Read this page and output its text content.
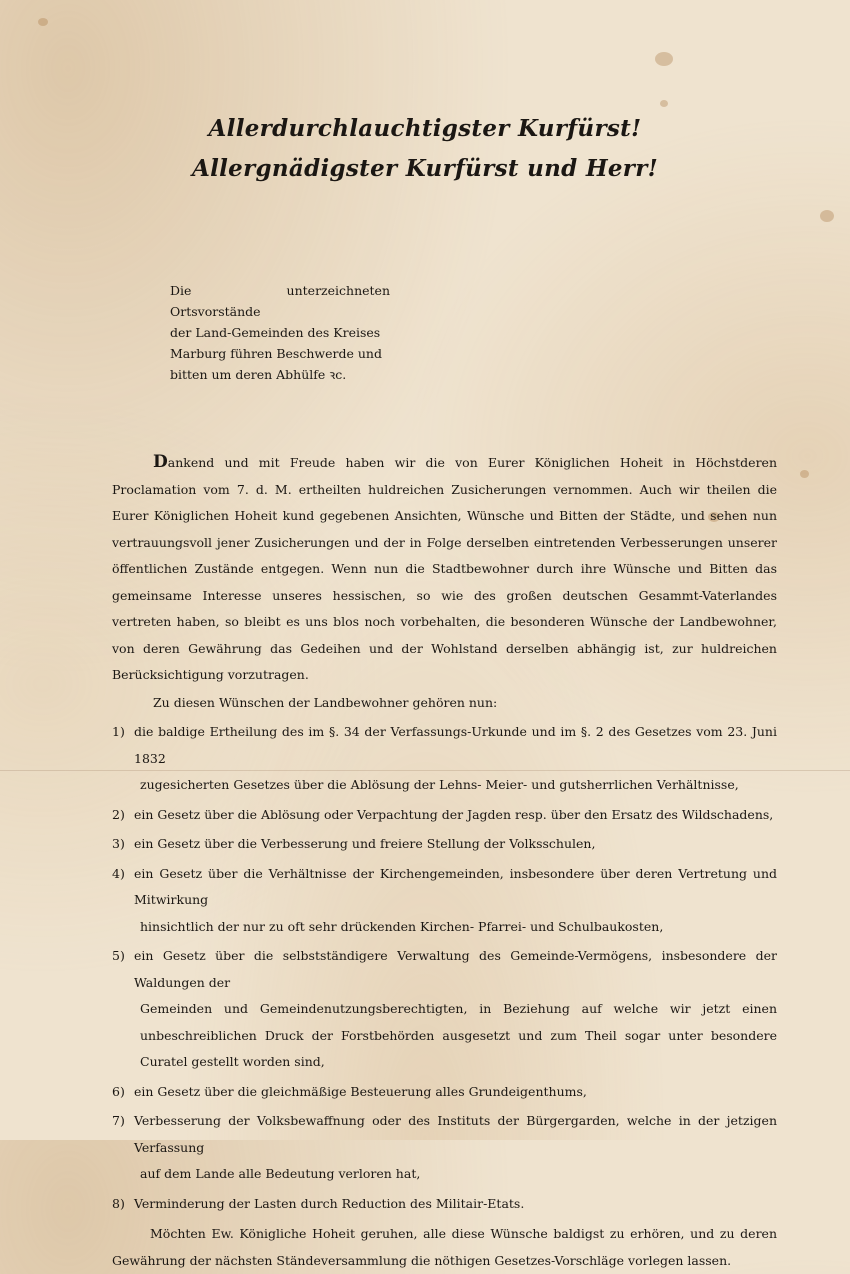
Allerdurchlauchtigster Kurfürst!
Allergnädigster Kurfürst und Herr!

Die unterzeichneten Ortsvorstände

der Land-Gemeinden des Kreises

Marburg führen Beschwerde und

bitten um deren Abhülfe ꝛc.

Dankend und mit Freude haben wir die von Eurer Königlichen Hoheit in Höchstderen Proclamation vom 7. d. M. ertheilten huldreichen Zusicherungen vernommen. Auch wir theilen die Eurer Königlichen Hoheit kund gegebenen Ansichten, Wünsche und Bitten der Städte, und sehen nun vertrauungsvoll jener Zusicherungen und der in Folge derselben eintretenden Verbesserungen unserer öffentlichen Zustände entgegen. Wenn nun die Stadtbewohner durch ihre Wünsche und Bitten das gemeinsame Interesse unseres hessischen, so wie des großen deutschen Gesammt-Vaterlandes vertreten haben, so bleibt es uns blos noch vorbehalten, die besonderen Wünsche der Landbewohner, von deren Gewährung das Gedeihen und der Wohlstand derselben abhängig ist, zur huldreichen Berücksichtigung vorzutragen.

Zu diesen Wünschen der Landbewohner gehören nun:

1) die baldige Ertheilung des im §. 34 der Verfassungs-Urkunde und im §. 2 des Gesetzes vom 23. Juni 1832
zugesicherten Gesetzes über die Ablösung der Lehns- Meier- und gutsherrlichen Verhältnisse,
2) ein Gesetz über die Ablösung oder Verpachtung der Jagden resp. über den Ersatz des Wildschadens,
3) ein Gesetz über die Verbesserung und freiere Stellung der Volksschulen,
4) ein Gesetz über die Verhältnisse der Kirchengemeinden, insbesondere über deren Vertretung und Mitwirkung
hinsichtlich der nur zu oft sehr drückenden Kirchen- Pfarrei- und Schulbaukosten,
5) ein Gesetz über die selbstständigere Verwaltung des Gemeinde-Vermögens, insbesondere der Waldungen der
Gemeinden und Gemeindenutzungsberechtigten, in Beziehung auf welche wir jetzt einen unbeschreiblichen Druck der Forstbehörden ausgesetzt und zum Theil sogar unter besondere Curatel gestellt worden sind,
6) ein Gesetz über die gleichmäßige Besteuerung alles Grundeigenthums,
7) Verbesserung der Volksbewaffnung oder des Instituts der Bürgergarden, welche in der jetzigen Verfassung
auf dem Lande alle Bedeutung verloren hat,
8) Verminderung der Lasten durch Reduction des Militair-Etats.

Möchten Ew. Königliche Hoheit geruhen, alle diese Wünsche baldigst zu erhören, und zu deren Gewährung der nächsten Ständeversammlung die nöthigen Gesetzes-Vorschläge vorlegen lassen.
